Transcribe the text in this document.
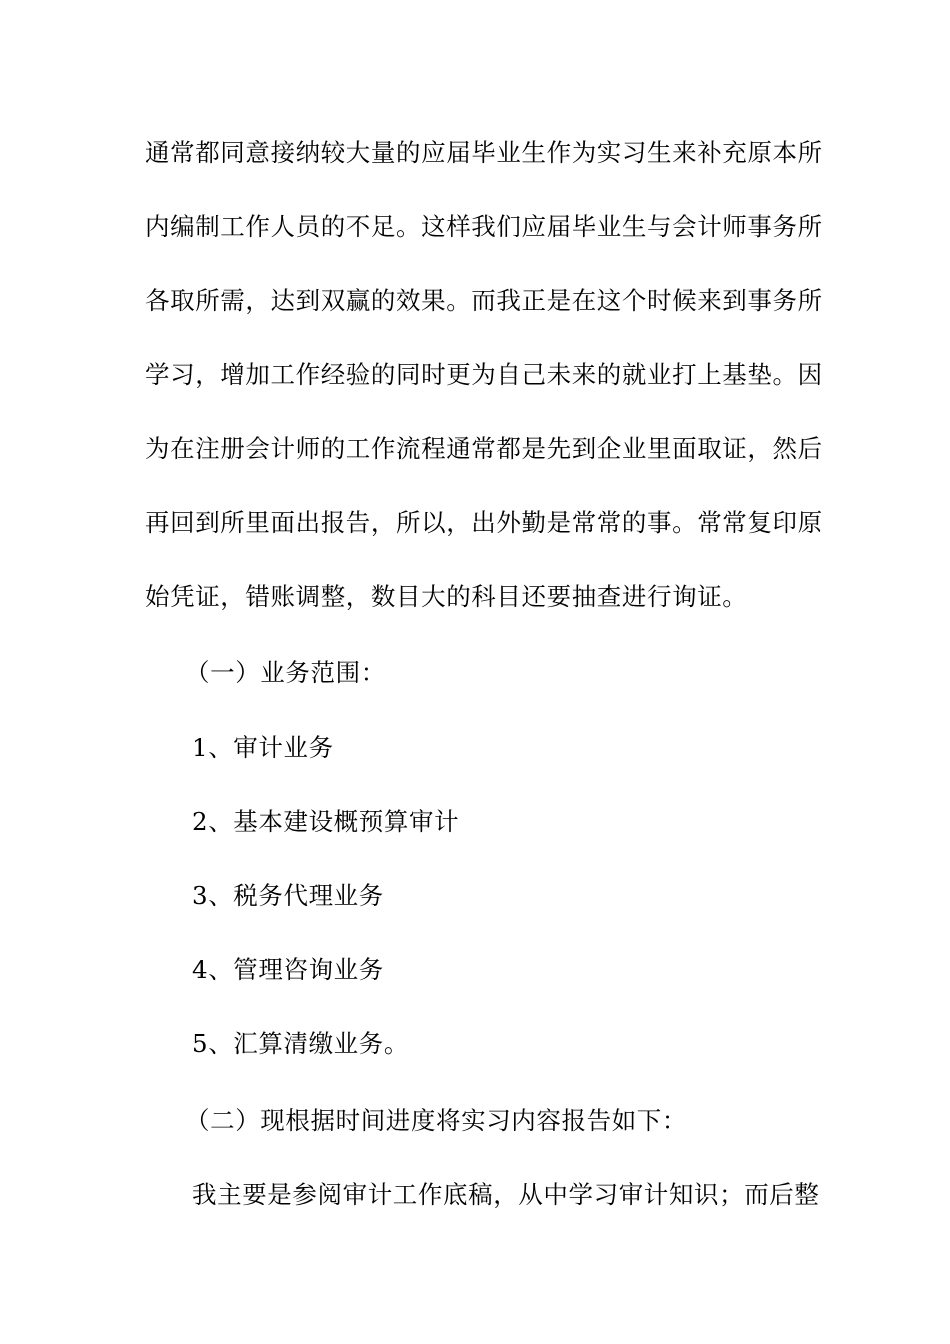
通常都同意接纳较大量的应届毕业生作为实习生来补充原本所
内编制工作人员的不足。这样我们应届毕业生与会计师事务所
各取所需，达到双赢的效果。而我正是在这个时候来到事务所
学习，增加工作经验的同时更为自己未来的就业打上基垫。因
为在注册会计师的工作流程通常都是先到企业里面取证，然后
再回到所里面出报告，所以，出外勤是常常的事。常常复印原
始凭证，错账调整，数目大的科目还要抽查进行询证。
（一）业务范围：
1、审计业务
2、基本建设概预算审计
3、税务代理业务
4、管理咨询业务
5、汇算清缴业务。
（二）现根据时间进度将实习内容报告如下：
我主要是参阅审计工作底稿，从中学习审计知识；而后整
